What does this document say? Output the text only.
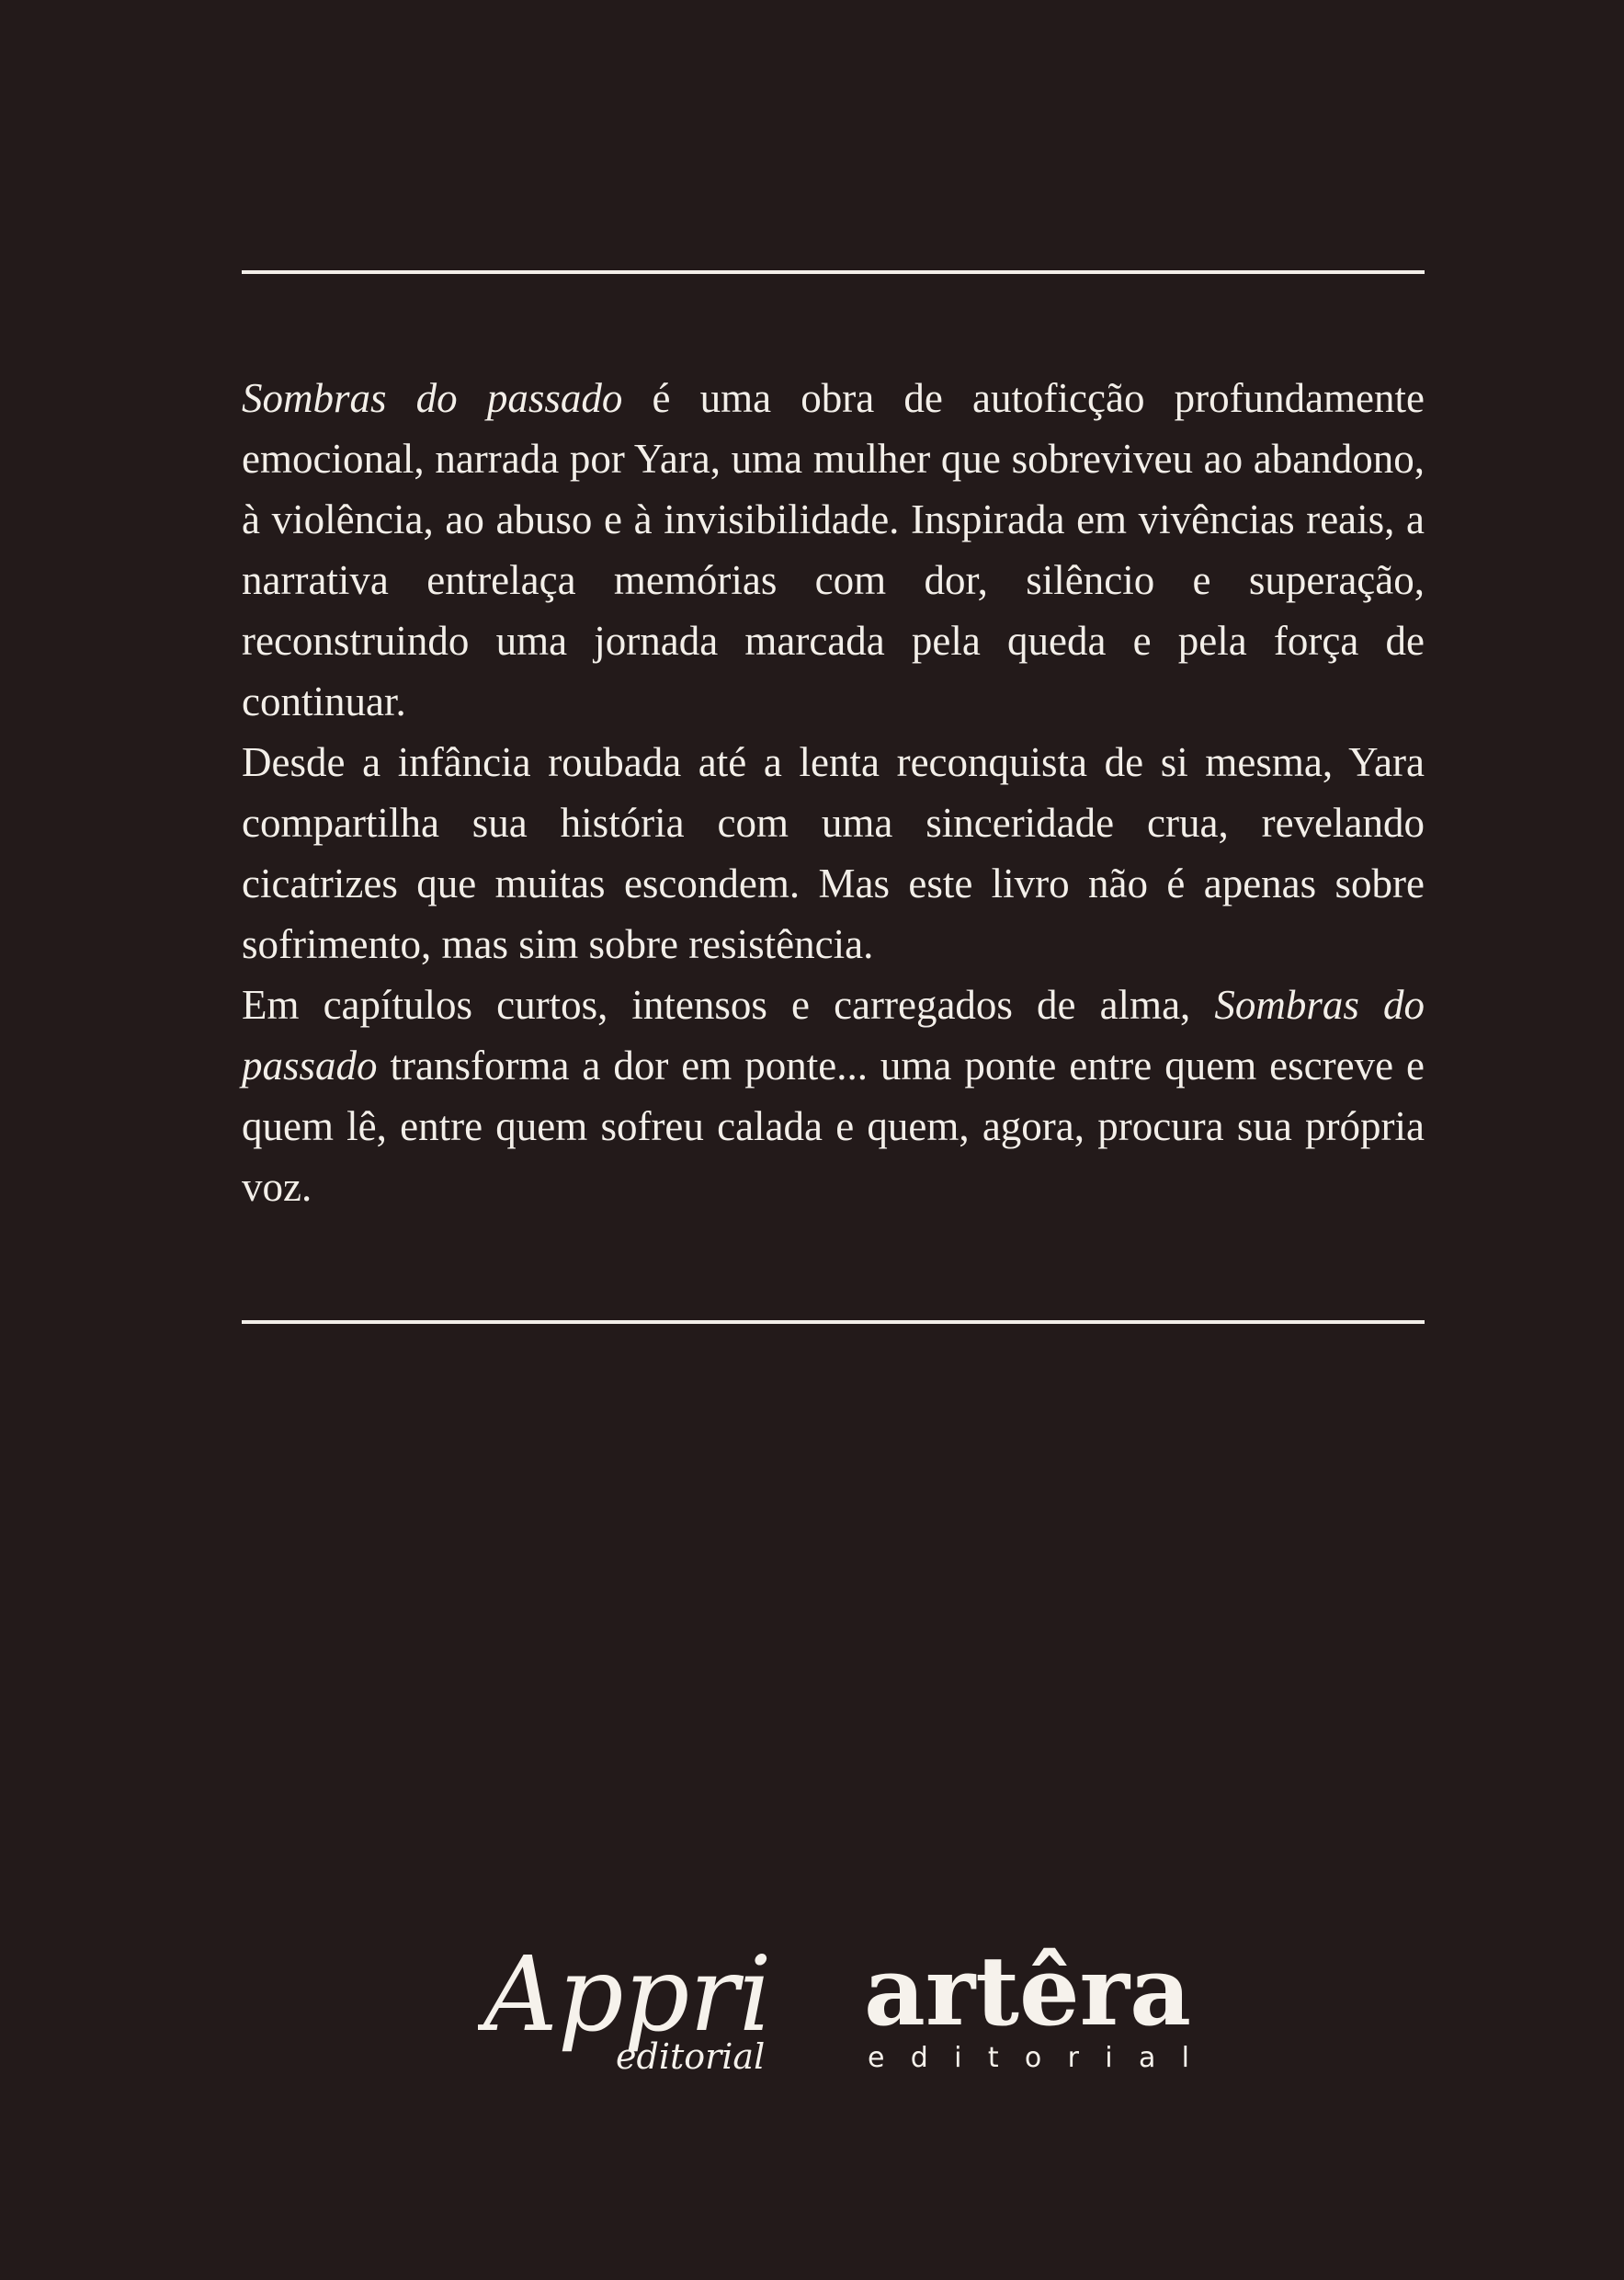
Sombras do passado é uma obra de autoficção profundamente emocional, narrada por Yara, uma mulher que sobreviveu ao abandono, à violência, ao abuso e à invisibilidade. Inspirada em vivências reais, a narrativa entrelaça memórias com dor, silêncio e superação, reconstruindo uma jornada marcada pela queda e pela força de continuar.

Desde a infância roubada até a lenta reconquista de si mesma, Yara compartilha sua história com uma sinceridade crua, revelando cicatrizes que muitas escondem. Mas este livro não é apenas sobre sofrimento, mas sim sobre resistência.

Em capítulos curtos, intensos e carregados de alma, Sombras do passado transforma a dor em ponte... uma ponte entre quem escreve e quem lê, entre quem sofreu calada e quem, agora, procura sua própria voz.

Appri
editorial
artêra
e d i t o r i a l
